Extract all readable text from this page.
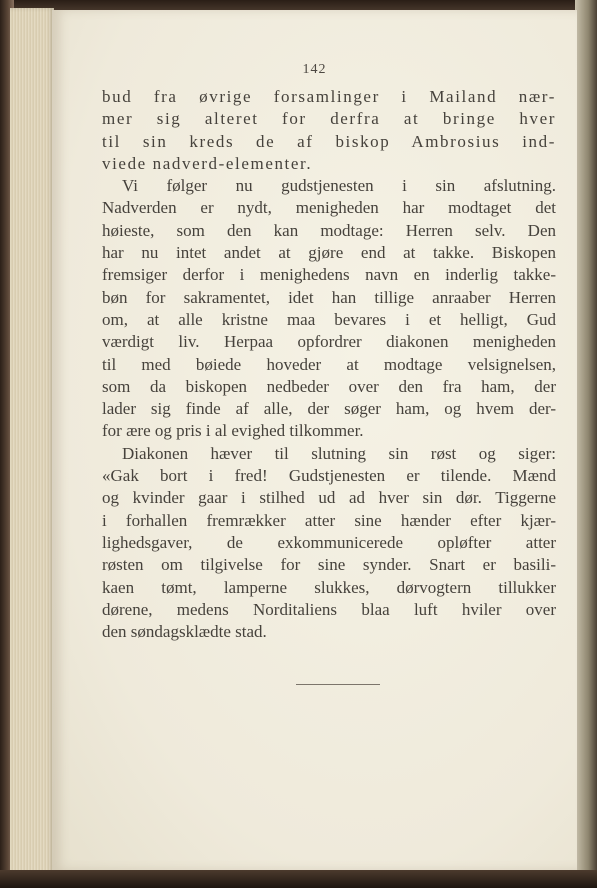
142
bud fra øvrige forsamlinger i Mailand nær-
mer sig alteret for derfra at bringe hver
til sin kreds de af biskop Ambrosius ind-
viede nadverd-elementer.
Vi følger nu gudstjenesten i sin afslutning.
Nadverden er nydt, menigheden har modtaget det
høieste, som den kan modtage: Herren selv. Den
har nu intet andet at gjøre end at takke. Biskopen
fremsiger derfor i menighedens navn en inderlig takke-
bøn for sakramentet, idet han tillige anraaber Herren
om, at alle kristne maa bevares i et helligt, Gud
værdigt liv. Herpaa opfordrer diakonen menigheden
til med bøiede hoveder at modtage velsignelsen,
som da biskopen nedbeder over den fra ham, der
lader sig finde af alle, der søger ham, og hvem der-
for ære og pris i al evighed tilkommer.
Diakonen hæver til slutning sin røst og siger:
«Gak bort i fred! Gudstjenesten er tilende. Mænd
og kvinder gaar i stilhed ud ad hver sin dør. Tiggerne
i forhallen fremrækker atter sine hænder efter kjær-
lighedsgaver, de exkommunicerede opløfter atter
røsten om tilgivelse for sine synder. Snart er basili-
kaen tømt, lamperne slukkes, dørvogtern tillukker
dørene, medens Norditaliens blaa luft hviler over
den søndagsklædte stad.
